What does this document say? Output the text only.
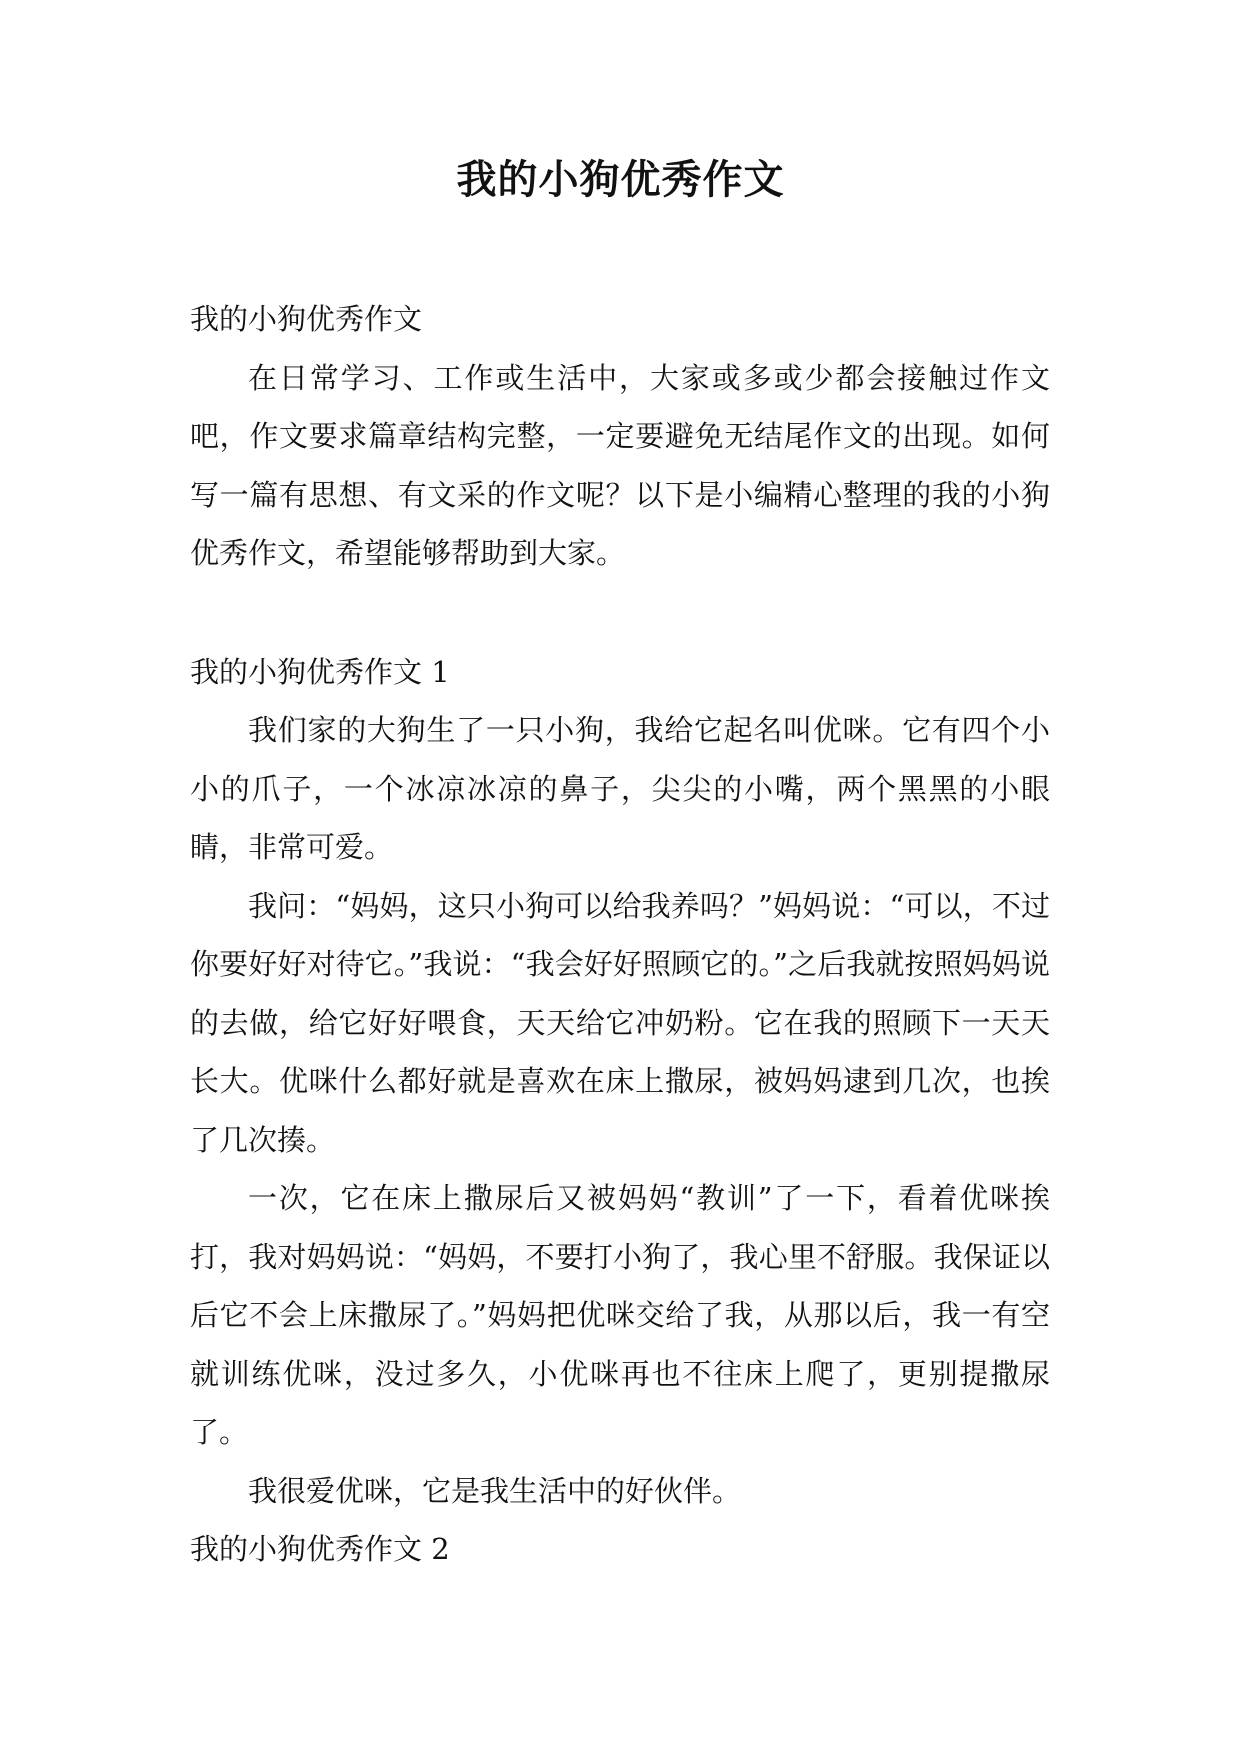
我的小狗优秀作文

我的小狗优秀作文

在日常学习、工作或生活中，大家或多或少都会接触过作文吧，作文要求篇章结构完整，一定要避免无结尾作文的出现。如何写一篇有思想、有文采的作文呢？以下是小编精心整理的我的小狗优秀作文，希望能够帮助到大家。

我的小狗优秀作文 1

我们家的大狗生了一只小狗，我给它起名叫优咪。它有四个小小的爪子，一个冰凉冰凉的鼻子，尖尖的小嘴，两个黑黑的小眼睛，非常可爱。

我问：“妈妈，这只小狗可以给我养吗？”妈妈说：“可以，不过你要好好对待它。”我说：“我会好好照顾它的。”之后我就按照妈妈说的去做，给它好好喂食，天天给它冲奶粉。它在我的照顾下一天天长大。优咪什么都好就是喜欢在床上撒尿，被妈妈逮到几次，也挨了几次揍。

一次，它在床上撒尿后又被妈妈“教训”了一下，看着优咪挨打，我对妈妈说：“妈妈，不要打小狗了，我心里不舒服。我保证以后它不会上床撒尿了。”妈妈把优咪交给了我，从那以后，我一有空就训练优咪，没过多久，小优咪再也不往床上爬了，更别提撒尿了。

我很爱优咪，它是我生活中的好伙伴。

我的小狗优秀作文 2
